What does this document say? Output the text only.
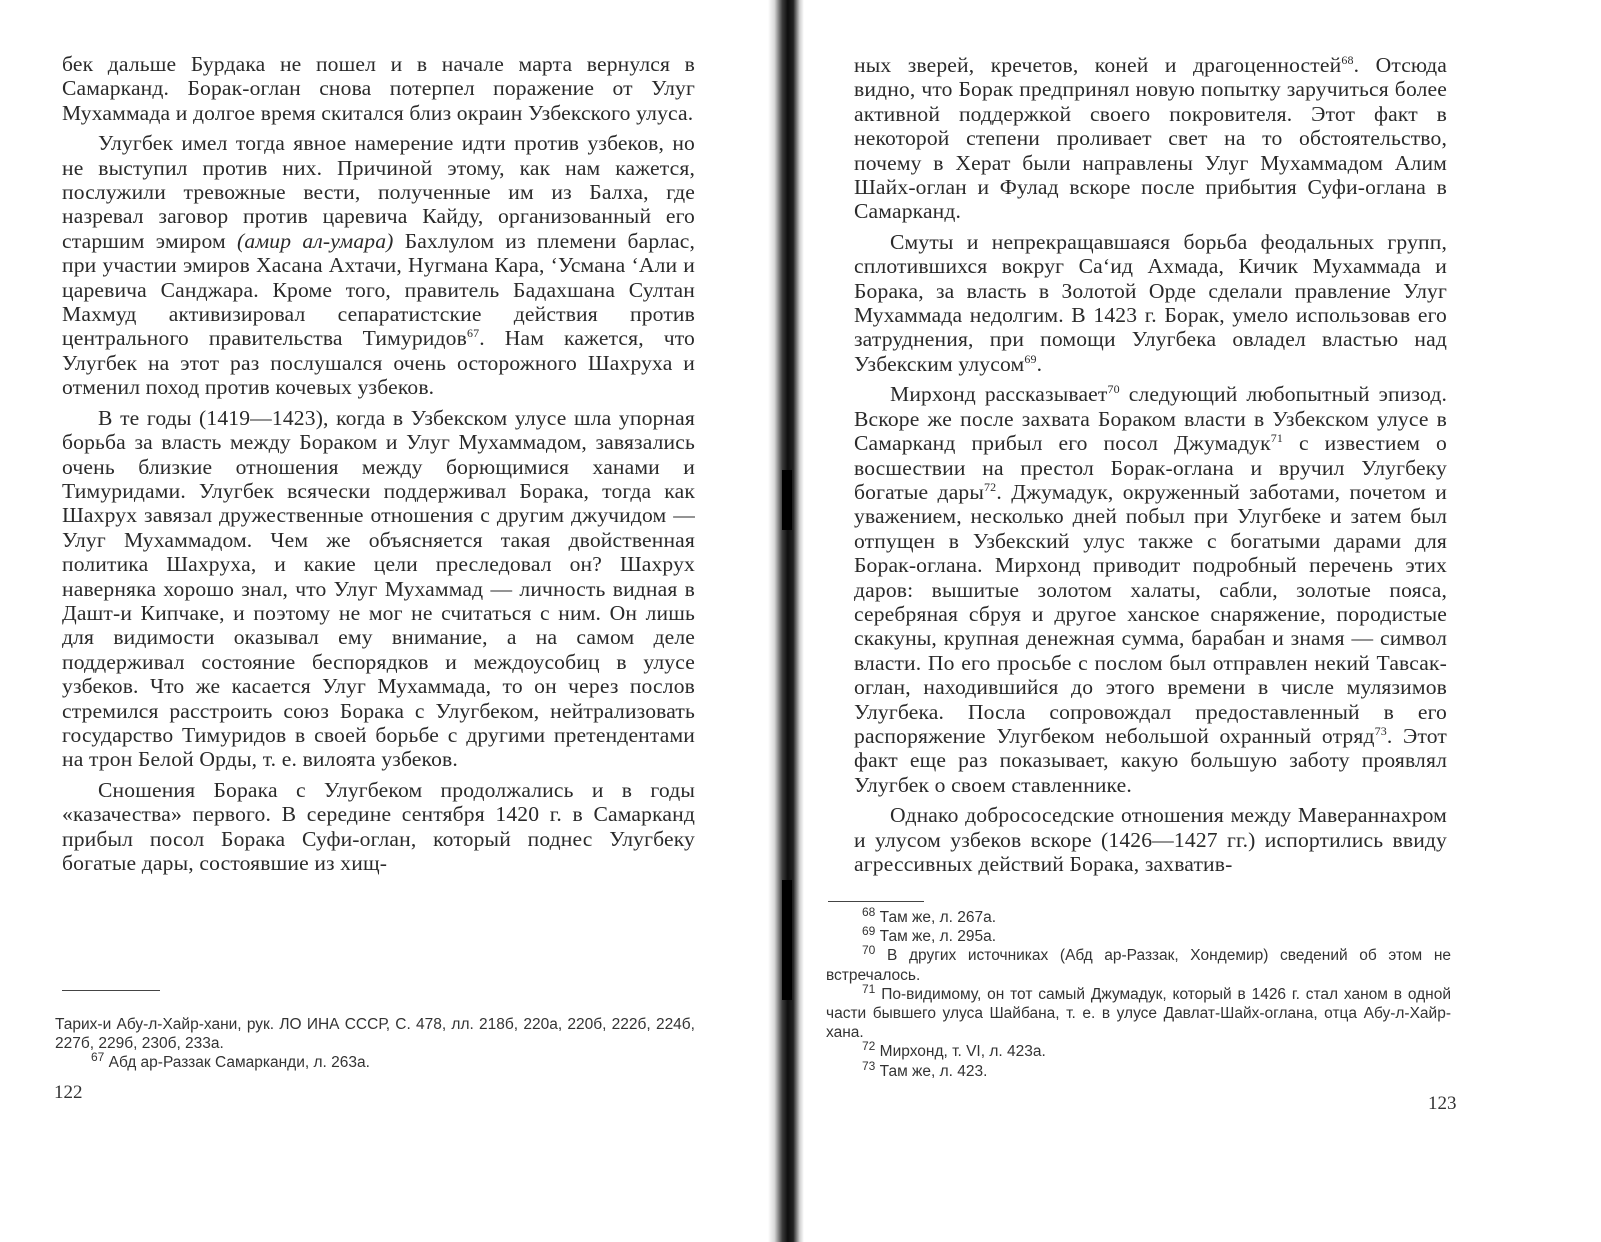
бек дальше Бурдака не пошел и в начале марта вернулся в Самарканд. Борак-оглан снова потерпел поражение от Улуг Мухаммада и долгое время скитался близ окраин Узбекского улуса.

Улугбек имел тогда явное намерение идти против узбеков, но не выступил против них. Причиной этому, как нам кажется, послужили тревожные вести, полученные им из Балха, где назревал заговор против царевича Кайду, организованный его старшим эмиром (амир ал-умара) Бахлулом из племени барлас, при участии эмиров Хасана Ахтачи, Нугмана Кара, ʻУсмана ʻАли и царевича Санджара. Кроме того, правитель Бадахшана Султан Махмуд активизировал сепаратистские действия против центрального правительства Тимуридов$^{67}$. Нам кажется, что Улугбек на этот раз послушался очень осторожного Шахруха и отменил поход против кочевых узбеков.

В те годы (1419—1423), когда в Узбекском улусе шла упорная борьба за власть между Бораком и Улуг Мухаммадом, завязались очень близкие отношения между борющимися ханами и Тимуридами. Улугбек всячески поддерживал Борака, тогда как Шахрух завязал дружественные отношения с другим джучидом — Улуг Мухаммадом. Чем же объясняется такая двойственная политика Шахруха, и какие цели преследовал он? Шахрух наверняка хорошо знал, что Улуг Мухаммад — личность видная в Дашт-и Кипчаке, и поэтому не мог не считаться с ним. Он лишь для видимости оказывал ему внимание, а на самом деле поддерживал состояние беспорядков и междоусобиц в улусе узбеков. Что же касается Улуг Мухаммада, то он через послов стремился расстроить союз Борака с Улугбеком, нейтрализовать государство Тимуридов в своей борьбе с другими претендентами на трон Белой Орды, т. е. вилоята узбеков.

Сношения Борака с Улугбеком продолжались и в годы «казачества» первого. В середине сентября 1420 г. в Самарканд прибыл посол Борака Суфи-оглан, который поднес Улугбеку богатые дары, состоявшие из хищ-

Тарих-и Абу-л-Хайр-хани, рук. ЛО ИНА СССР, С. 478, лл. 218б, 220а, 220б, 222б, 224б, 227б, 229б, 230б, 233а.

$^{67}$ Абд ар-Раззак Самарканди, л. 263а.

122

ных зверей, кречетов, коней и драгоценностей$^{68}$. Отсюда видно, что Борак предпринял новую попытку заручиться более активной поддержкой своего покровителя. Этот факт в некоторой степени проливает свет на то обстоятельство, почему в Херат были направлены Улуг Мухаммадом Алим Шайх-оглан и Фулад вскоре после прибытия Суфи-оглана в Самарканд.

Смуты и непрекращавшаяся борьба феодальных групп, сплотившихся вокруг Саʻид Ахмада, Кичик Мухаммада и Борака, за власть в Золотой Орде сделали правление Улуг Мухаммада недолгим. В 1423 г. Борак, умело использовав его затруднения, при помощи Улугбека овладел властью над Узбекским улусом$^{69}$.

Мирхонд рассказывает$^{70}$ следующий любопытный эпизод. Вскоре же после захвата Бораком власти в Узбекском улусе в Самарканд прибыл его посол Джумадук$^{71}$ с известием о восшествии на престол Борак-оглана и вручил Улугбеку богатые дары$^{72}$. Джумадук, окруженный заботами, почетом и уважением, несколько дней побыл при Улугбеке и затем был отпущен в Узбекский улус также с богатыми дарами для Борак-оглана. Мирхонд приводит подробный перечень этих даров: вышитые золотом халаты, сабли, золотые пояса, серебряная сбруя и другое ханское снаряжение, породистые скакуны, крупная денежная сумма, барабан и знамя — символ власти. По его просьбе с послом был отправлен некий Тавсак-оглан, находившийся до этого времени в числе мулязимов Улугбека. Посла сопровождал предоставленный в его распоряжение Улугбеком небольшой охранный отряд$^{73}$. Этот факт еще раз показывает, какую большую заботу проявлял Улугбек о своем ставленнике.

Однако добрососедские отношения между Мавераннахром и улусом узбеков вскоре (1426—1427 гг.) испортились ввиду агрессивных действий Борака, захватив-

$^{68}$ Там же, л. 267а.

$^{69}$ Там же, л. 295а.

$^{70}$ В других источниках (Абд ар-Раззак, Хондемир) сведений об этом не встречалось.

$^{71}$ По-видимому, он тот самый Джумадук, который в 1426 г. стал ханом в одной части бывшего улуса Шайбана, т. е. в улусе Давлат-Шайх-оглана, отца Абу-л-Хайр-хана.

$^{72}$ Мирхонд, т. VI, л. 423а.

$^{73}$ Там же, л. 423.

123
